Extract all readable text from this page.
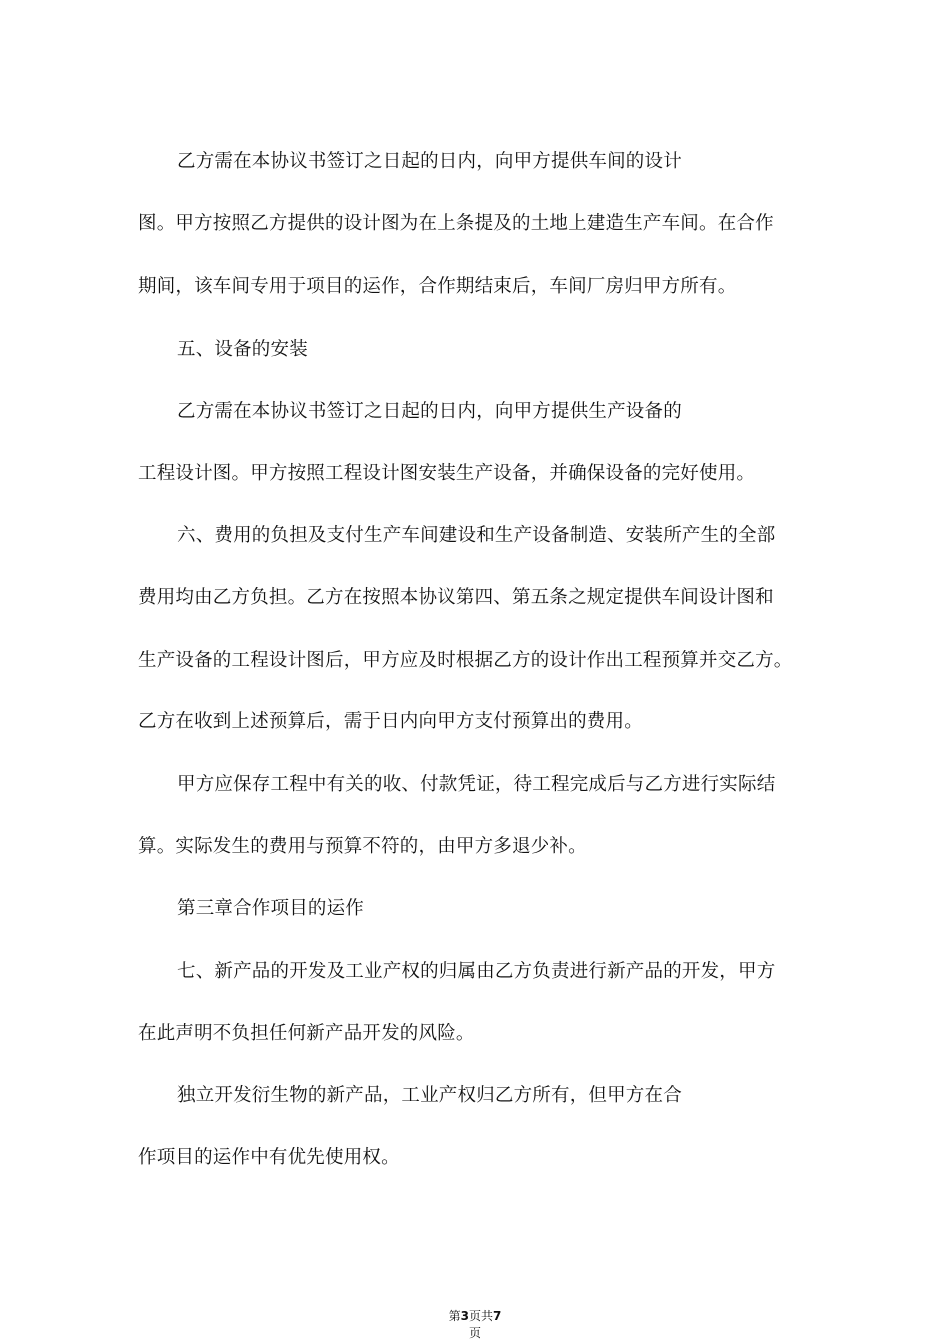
乙方需在本协议书签订之日起的日内，向甲方提供车间的设计
图。甲方按照乙方提供的设计图为在上条提及的土地上建造生产车间。在合作
期间，该车间专用于项目的运作，合作期结束后，车间厂房归甲方所有。
五、设备的安装
乙方需在本协议书签订之日起的日内，向甲方提供生产设备的
工程设计图。甲方按照工程设计图安装生产设备，并确保设备的完好使用。
六、费用的负担及支付生产车间建设和生产设备制造、安装所产生的全部
费用均由乙方负担。乙方在按照本协议第四、第五条之规定提供车间设计图和
生产设备的工程设计图后，甲方应及时根据乙方的设计作出工程预算并交乙方。
乙方在收到上述预算后，需于日内向甲方支付预算出的费用。
甲方应保存工程中有关的收、付款凭证，待工程完成后与乙方进行实际结
算。实际发生的费用与预算不符的，由甲方多退少补。
第三章合作项目的运作
七、新产品的开发及工业产权的归属由乙方负责进行新产品的开发，甲方
在此声明不负担任何新产品开发的风险。
独立开发衍生物的新产品，工业产权归乙方所有，但甲方在合
作项目的运作中有优先使用权。
第3页共7
页
